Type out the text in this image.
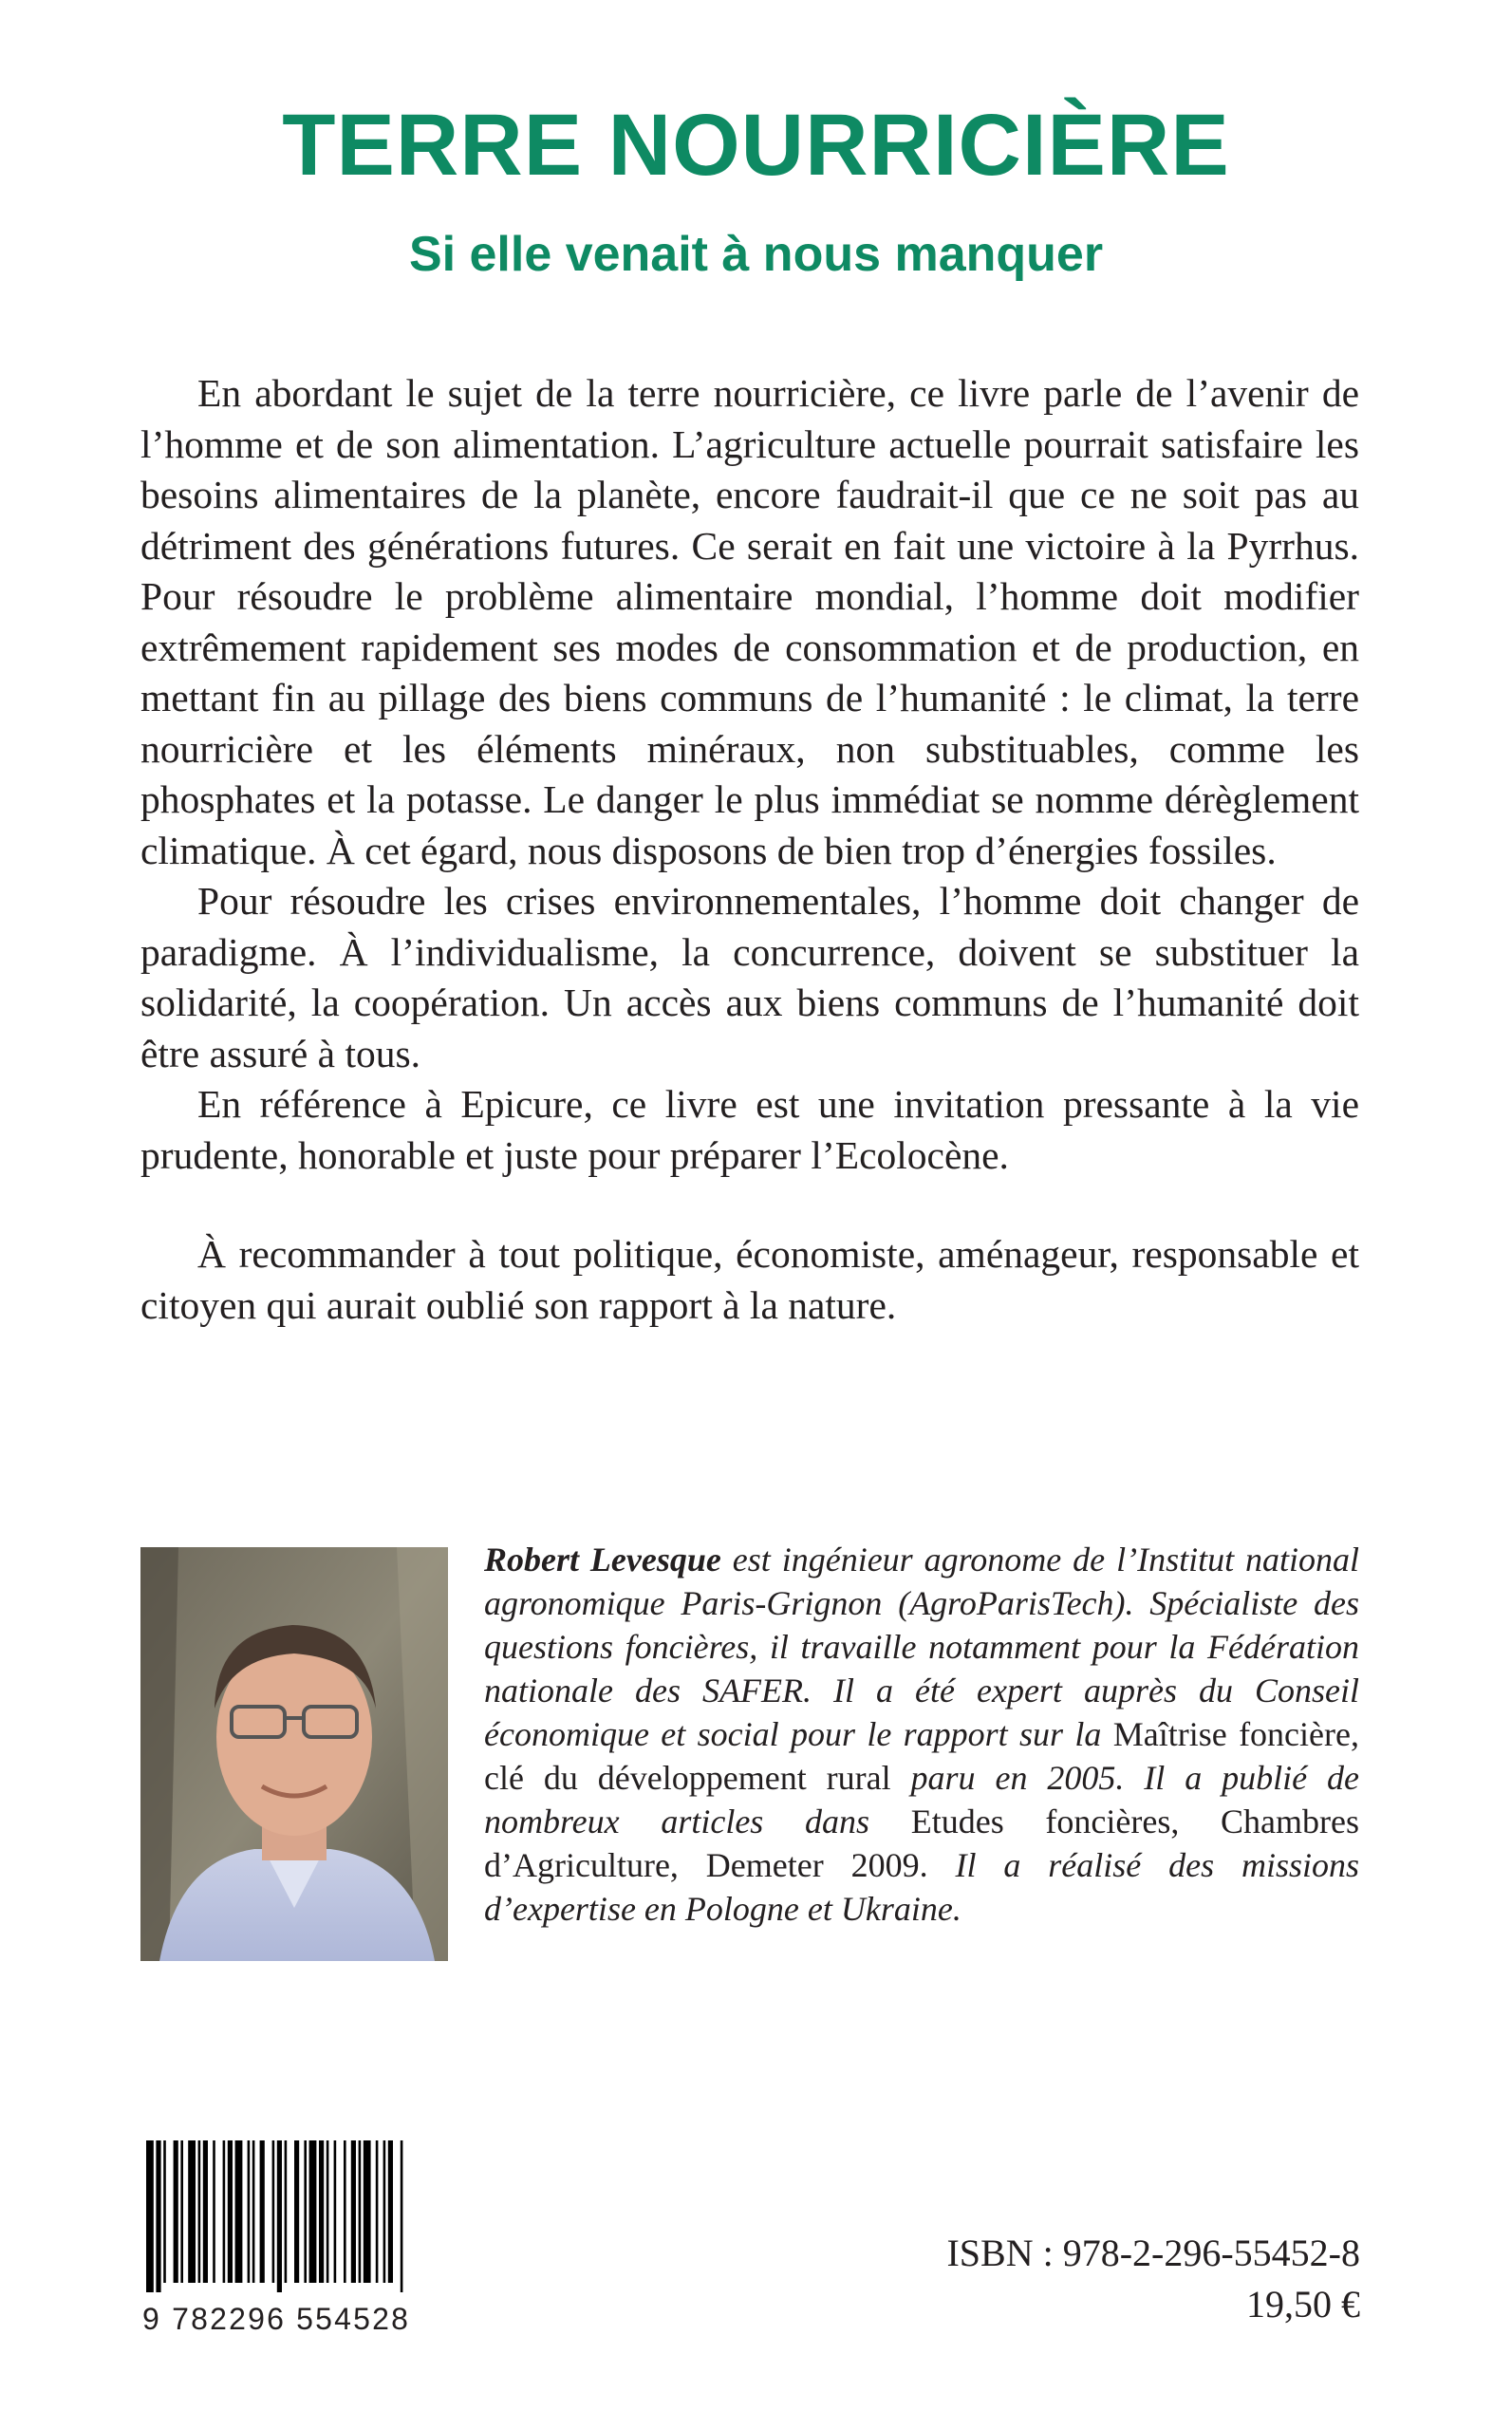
TERRE NOURRICIÈRE
Si elle venait à nous manquer

En abordant le sujet de la terre nourricière, ce livre parle de l’avenir de l’homme et de son alimentation. L’agriculture actuelle pourrait satisfaire les besoins alimentaires de la planète, encore faudrait-il que ce ne soit pas au détriment des générations futures. Ce serait en fait une victoire à la Pyrrhus. Pour résoudre le problème alimentaire mondial, l’homme doit modifier extrêmement rapidement ses modes de consommation et de production, en mettant fin au pillage des biens communs de l’humanité : le climat, la terre nourricière et les éléments minéraux, non substituables, comme les phosphates et la potasse. Le danger le plus immédiat se nomme dérèglement climatique. À cet égard, nous disposons de bien trop d’énergies fossiles.

Pour résoudre les crises environnementales, l’homme doit changer de paradigme. À l’individualisme, la concurrence, doivent se substituer la solidarité, la coopération. Un accès aux biens communs de l’humanité doit être assuré à tous.

En référence à Epicure, ce livre est une invitation pressante à la vie prudente, honorable et juste pour préparer l’Ecolocène.

À recommander à tout politique, économiste, aménageur, responsable et citoyen qui aurait oublié son rapport à la nature.

Robert Levesque est ingénieur agronome de l’Institut national agronomique Paris-Grignon (AgroParisTech). Spécialiste des questions foncières, il travaille notamment pour la Fédération nationale des SAFER. Il a été expert auprès du Conseil économique et social pour le rapport sur la Maîtrise foncière, clé du développement rural paru en 2005. Il a publié de nombreux articles dans Etudes foncières, Chambres d’Agriculture, Demeter 2009. Il a réalisé des missions d’expertise en Pologne et Ukraine.

9 782296 554528
ISBN : 978-2-296-55452-8
19,50 €
